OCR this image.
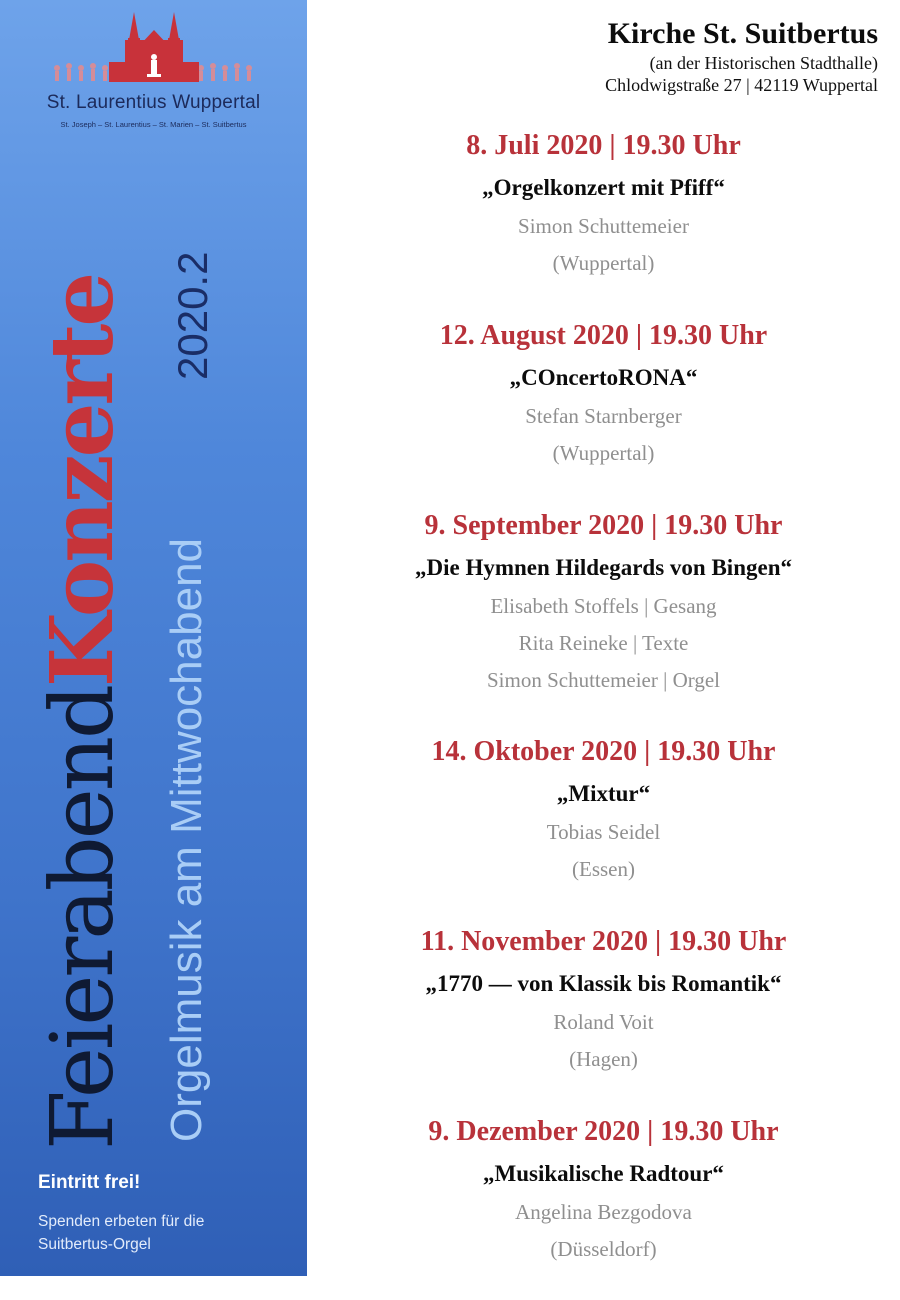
St. Laurentius Wuppertal
St. Joseph – St. Laurentius – St. Marien – St. Suitbertus
FeierabendKonzerte
Orgelmusik am Mittwochabend
2020.2
Eintritt frei!
Spenden erbeten für die Suitbertus-Orgel
Kirche St. Suitbertus
(an der Historischen Stadthalle)
Chlodwigstraße 27 | 42119 Wuppertal
8. Juli 2020 | 19.30 Uhr
„Orgelkonzert mit Pfiff“
Simon Schuttemeier
(Wuppertal)
12. August 2020 | 19.30 Uhr
„COncertoRONA“
Stefan Starnberger
(Wuppertal)
9. September 2020 | 19.30 Uhr
„Die Hymnen Hildegards von Bingen“
Elisabeth Stoffels | Gesang
Rita Reineke | Texte
Simon Schuttemeier | Orgel
14. Oktober 2020 | 19.30 Uhr
„Mixtur“
Tobias Seidel
(Essen)
11. November 2020 | 19.30 Uhr
„1770 — von Klassik bis Romantik“
Roland Voit
(Hagen)
9. Dezember 2020 | 19.30 Uhr
„Musikalische Radtour“
Angelina Bezgodova
(Düsseldorf)
